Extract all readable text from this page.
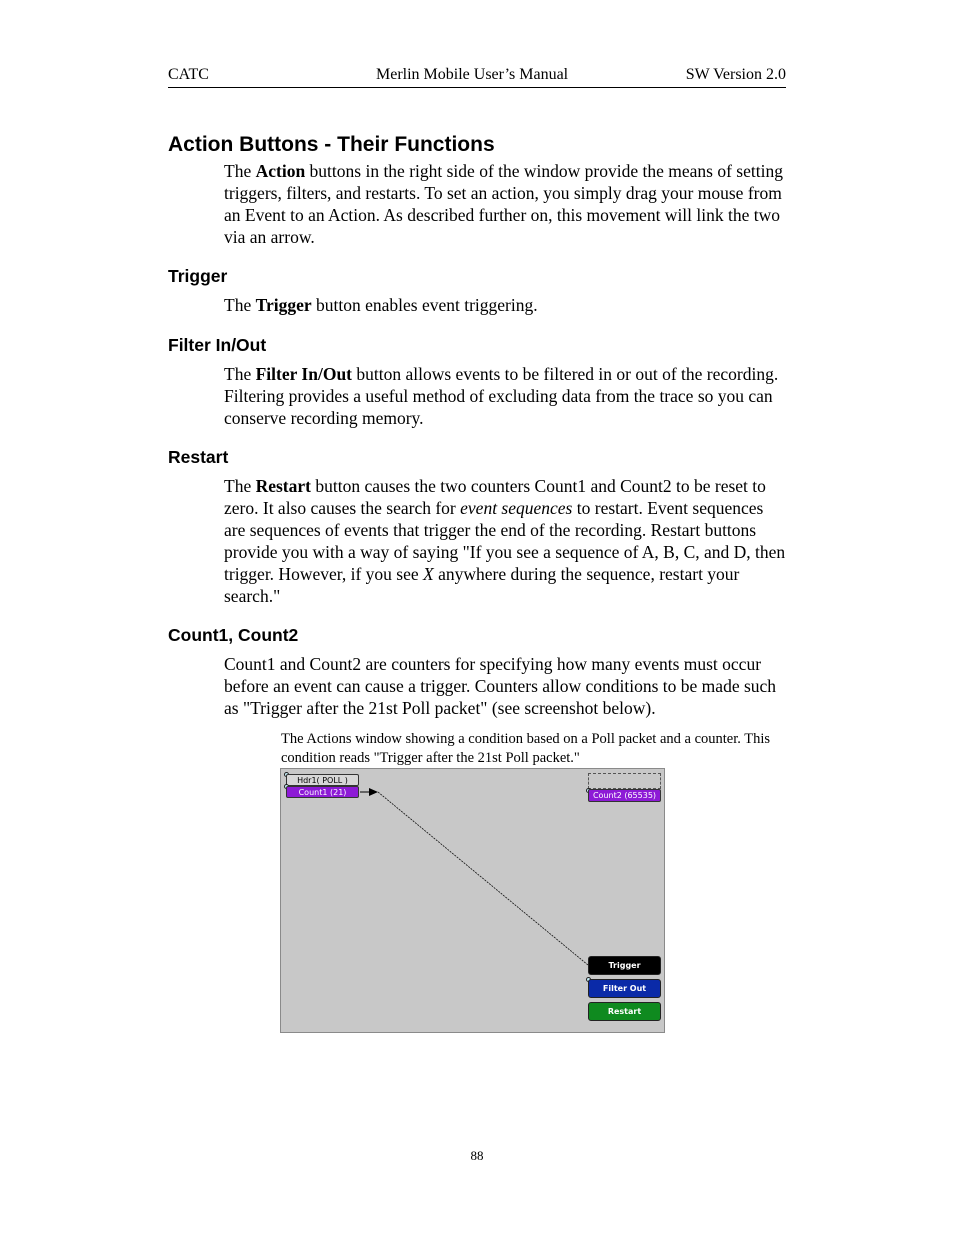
CATC	Merlin Mobile User’s Manual	SW Version 2.0
Action Buttons - Their Functions

The Action buttons in the right side of the window provide the means of setting triggers, filters, and restarts. To set an action, you simply drag your mouse from an Event to an Action. As described further on, this movement will link the two via an arrow.

Trigger

The Trigger button enables event triggering.

Filter In/Out

The Filter In/Out button allows events to be filtered in or out of the recording. Filtering provides a useful method of excluding data from the trace so you can conserve recording memory.

Restart

The Restart button causes the two counters Count1 and Count2 to be reset to zero. It also causes the search for event sequences to restart. Event sequences are sequences of events that trigger the end of the recording. Restart buttons provide you with a way of saying "If you see a sequence of A, B, C, and D, then trigger. However, if you see X anywhere during the sequence, restart your search."

Count1, Count2

Count1 and Count2 are counters for specifying how many events must occur before an event can cause a trigger. Counters allow conditions to be made such as "Trigger after the 21st Poll packet" (see screenshot below).

The Actions window showing a condition based on a Poll packet and a counter. This condition reads "Trigger after the 21st Poll packet."

Hdr1( POLL )
Count1 (21)	Count2 (65535)
Trigger
Filter Out
Restart
88
